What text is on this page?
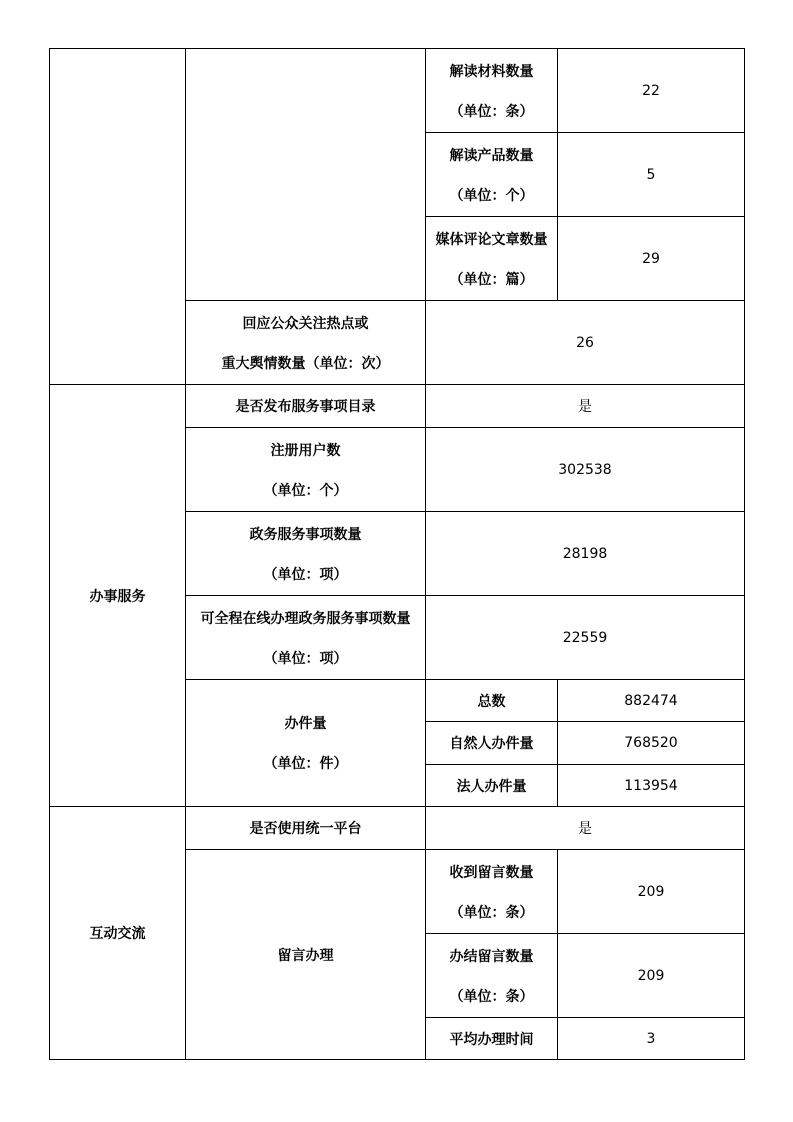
		解读材料数量
（单位：条）	22

		解读产品数量
（单位：个）	5

		媒体评论文章数量
（单位：篇）	29

	回应公众关注热点或
重大舆情数量（单位：次）	26	
办事服务	是否发布服务事项目录	是	

	注册用户数
（单位：个）	302538	

	政务服务事项数量
（单位：项）	28198	

	可全程在线办理政务服务事项数量
（单位：项）	22559	

	办件量
（单位：件）	总数	882474
		自然人办件量	768520
		法人办件量	113954
互动交流	是否使用统一平台	是	
	留言办理	收到留言数量
（单位：条）	209

		办结留言数量
（单位：条）	209
		平均办理时间	3
